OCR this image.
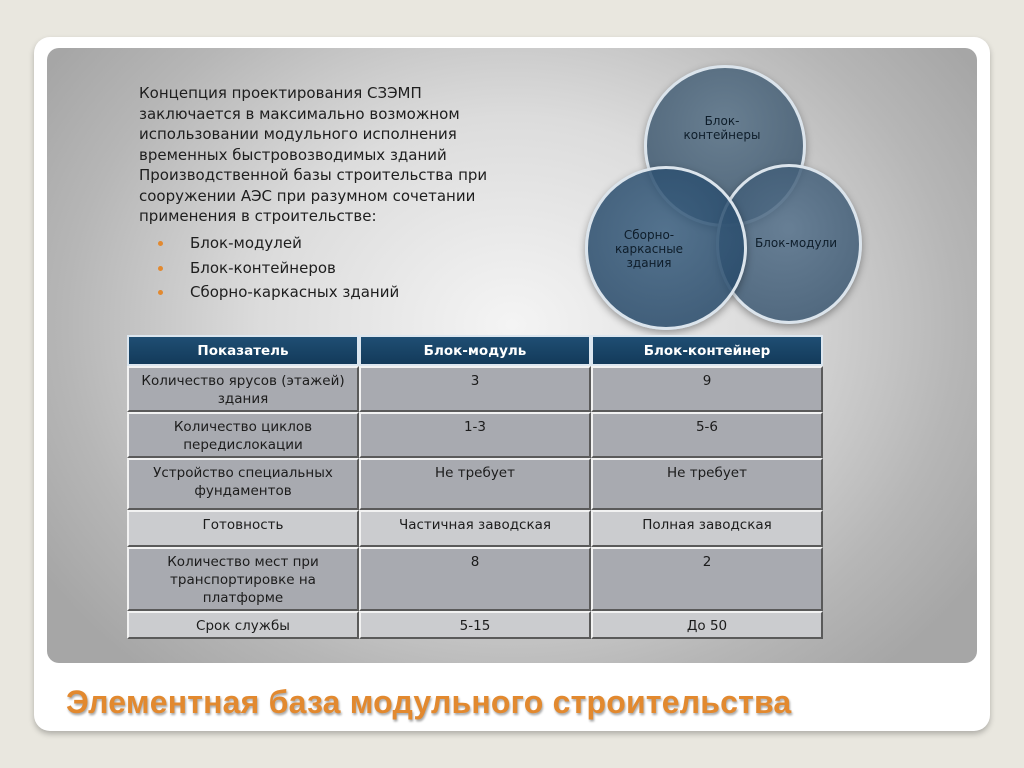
Концепция проектирования СЗЭМП заключается в максимально возможном использовании модульного исполнения временных быстровозводимых зданий Производственной базы строительства при сооружении АЭС при разумном сочетании применения в строительстве:

Блок-модулей
Блок-контейнеров
Сборно-каркасных зданий
Блок-контейнеры
Блок-модули
Сборно-каркасные здания
Показатель	Блок-модуль	Блок-контейнер
Количество ярусов (этажей) здания	3	9
Количество циклов передислокации	1-3	5-6
Устройство специальных фундаментов	Не требует	Не требует
Готовность	Частичная заводская	Полная заводская
Количество мест при транспортировке на платформе	8	2
Срок службы	5-15	До 50
Элементная база модульного строительства
